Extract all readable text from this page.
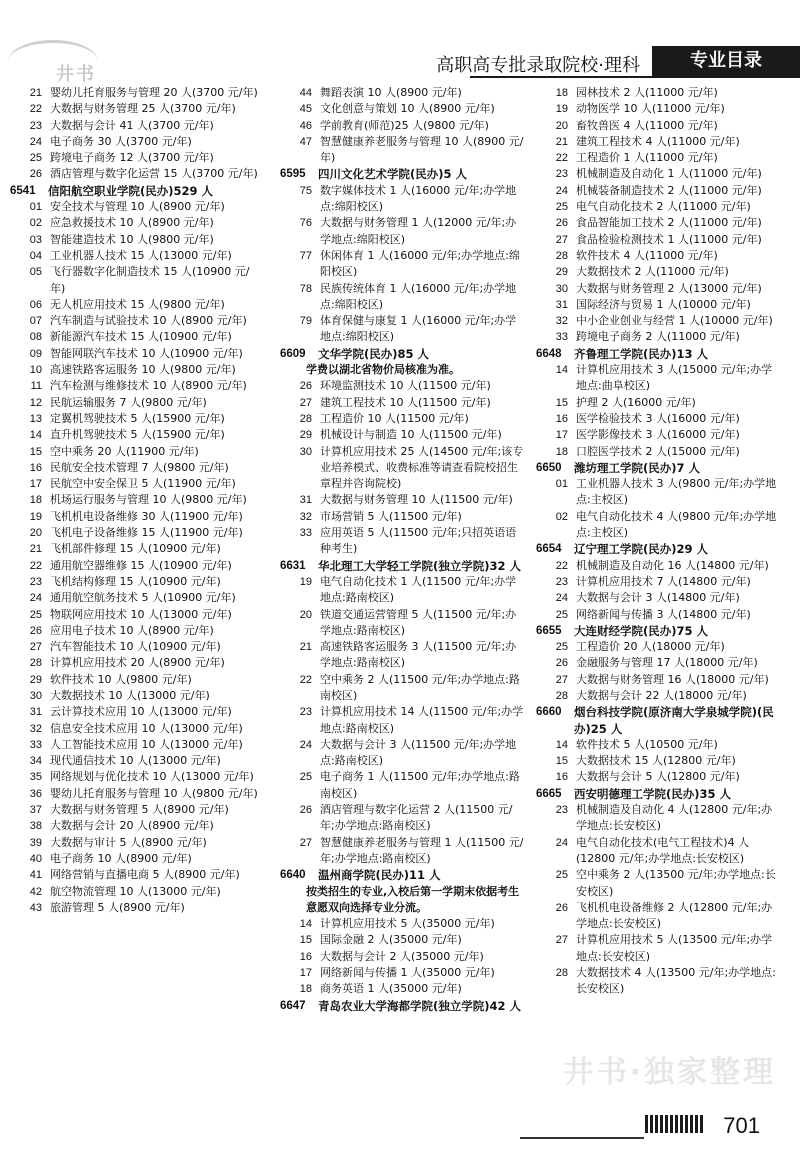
井书	高职高专批录取院校·理科	专业目录
21 婴幼儿托育服务与管理 20 人(3700 元/年)
22 大数据与财务管理 25 人(3700 元/年)
23 大数据与会计 41 人(3700 元/年)
24 电子商务 30 人(3700 元/年)
25 跨境电子商务 12 人(3700 元/年)
26 酒店管理与数字化运营 15 人(3700 元/年)
6541	信阳航空职业学院(民办)529 人
01 安全技术与管理 10 人(8900 元/年)
02 应急救援技术 10 人(8900 元/年)
03 智能建造技术 10 人(9800 元/年)
04 工业机器人技术 15 人(13000 元/年)
05 飞行器数字化制造技术 15 人(10900 元/年)
06 无人机应用技术 15 人(9800 元/年)
07 汽车制造与试验技术 10 人(8900 元/年)
08 新能源汽车技术 15 人(10900 元/年)
09 智能网联汽车技术 10 人(10900 元/年)
10 高速铁路客运服务 10 人(9800 元/年)
11 汽车检测与维修技术 10 人(8900 元/年)
12 民航运输服务 7 人(9800 元/年)
13 定翼机驾驶技术 5 人(15900 元/年)
14 直升机驾驶技术 5 人(15900 元/年)
15 空中乘务 20 人(11900 元/年)
16 民航安全技术管理 7 人(9800 元/年)
17 民航空中安全保卫 5 人(11900 元/年)
18 机场运行服务与管理 10 人(9800 元/年)
19 飞机机电设备维修 30 人(11900 元/年)
20 飞机电子设备维修 15 人(11900 元/年)
21 飞机部件修理 15 人(10900 元/年)
22 通用航空器维修 15 人(10900 元/年)
23 飞机结构修理 15 人(10900 元/年)
24 通用航空航务技术 5 人(10900 元/年)
25 物联网应用技术 10 人(13000 元/年)
26 应用电子技术 10 人(8900 元/年)
27 汽车智能技术 10 人(10900 元/年)
28 计算机应用技术 20 人(8900 元/年)
29 软件技术 10 人(9800 元/年)
30 大数据技术 10 人(13000 元/年)
31 云计算技术应用 10 人(13000 元/年)
32 信息安全技术应用 10 人(13000 元/年)
33 人工智能技术应用 10 人(13000 元/年)
34 现代通信技术 10 人(13000 元/年)
35 网络规划与优化技术 10 人(13000 元/年)
36 婴幼儿托育服务与管理 10 人(9800 元/年)
37 大数据与财务管理 5 人(8900 元/年)
38 大数据与会计 20 人(8900 元/年)
39 大数据与审计 5 人(8900 元/年)
40 电子商务 10 人(8900 元/年)
41 网络营销与直播电商 5 人(8900 元/年)
42 航空物流管理 10 人(13000 元/年)
43 旅游管理 5 人(8900 元/年)
44 舞蹈表演 10 人(8900 元/年)
45 文化创意与策划 10 人(8900 元/年)
46 学前教育(师范)25 人(9800 元/年)
47 智慧健康养老服务与管理 10 人(8900 元/年)
6595	四川文化艺术学院(民办)5 人
75 数字媒体技术 1 人(16000 元/年;办学地点:绵阳校区)
76 大数据与财务管理 1 人(12000 元/年;办学地点:绵阳校区)
77 休闲体育 1 人(16000 元/年;办学地点:绵阳校区)
78 民族传统体育 1 人(16000 元/年;办学地点:绵阳校区)
79 体育保健与康复 1 人(16000 元/年;办学地点:绵阳校区)
6609	文华学院(民办)85 人
学费以湖北省物价局核准为准。
26 环境监测技术 10 人(11500 元/年)
27 建筑工程技术 10 人(11500 元/年)
28 工程造价 10 人(11500 元/年)
29 机械设计与制造 10 人(11500 元/年)
30 计算机应用技术 25 人(14500 元/年;该专业培养模式、收费标准等请查看院校招生章程并咨询院校)
31 大数据与财务管理 10 人(11500 元/年)
32 市场营销 5 人(11500 元/年)
33 应用英语 5 人(11500 元/年;只招英语语种考生)
6631	华北理工大学轻工学院(独立学院)32 人
19 电气自动化技术 1 人(11500 元/年;办学地点:路南校区)
20 铁道交通运营管理 5 人(11500 元/年;办学地点:路南校区)
21 高速铁路客运服务 3 人(11500 元/年;办学地点:路南校区)
22 空中乘务 2 人(11500 元/年;办学地点:路南校区)
23 计算机应用技术 14 人(11500 元/年;办学地点:路南校区)
24 大数据与会计 3 人(11500 元/年;办学地点:路南校区)
25 电子商务 1 人(11500 元/年;办学地点:路南校区)
26 酒店管理与数字化运营 2 人(11500 元/年;办学地点:路南校区)
27 智慧健康养老服务与管理 1 人(11500 元/年;办学地点:路南校区)
6640	温州商学院(民办)11 人
按类招生的专业,入校后第一学期末依据考生意愿双向选择专业分流。
14 计算机应用技术 5 人(35000 元/年)
15 国际金融 2 人(35000 元/年)
16 大数据与会计 2 人(35000 元/年)
17 网络新闻与传播 1 人(35000 元/年)
18 商务英语 1 人(35000 元/年)
6647	青岛农业大学海都学院(独立学院)42 人
18 园林技术 2 人(11000 元/年)
19 动物医学 10 人(11000 元/年)
20 畜牧兽医 4 人(11000 元/年)
21 建筑工程技术 4 人(11000 元/年)
22 工程造价 1 人(11000 元/年)
23 机械制造及自动化 1 人(11000 元/年)
24 机械装备制造技术 2 人(11000 元/年)
25 电气自动化技术 2 人(11000 元/年)
26 食品智能加工技术 2 人(11000 元/年)
27 食品检验检测技术 1 人(11000 元/年)
28 软件技术 4 人(11000 元/年)
29 大数据技术 2 人(11000 元/年)
30 大数据与财务管理 2 人(13000 元/年)
31 国际经济与贸易 1 人(10000 元/年)
32 中小企业创业与经营 1 人(10000 元/年)
33 跨境电子商务 2 人(11000 元/年)
6648	齐鲁理工学院(民办)13 人
14 计算机应用技术 3 人(15000 元/年;办学地点:曲阜校区)
15 护理 2 人(16000 元/年)
16 医学检验技术 3 人(16000 元/年)
17 医学影像技术 3 人(16000 元/年)
18 口腔医学技术 2 人(15000 元/年)
6650	潍坊理工学院(民办)7 人
01 工业机器人技术 3 人(9800 元/年;办学地点:主校区)
02 电气自动化技术 4 人(9800 元/年;办学地点:主校区)
6654	辽宁理工学院(民办)29 人
22 机械制造及自动化 16 人(14800 元/年)
23 计算机应用技术 7 人(14800 元/年)
24 大数据与会计 3 人(14800 元/年)
25 网络新闻与传播 3 人(14800 元/年)
6655	大连财经学院(民办)75 人
25 工程造价 20 人(18000 元/年)
26 金融服务与管理 17 人(18000 元/年)
27 大数据与财务管理 16 人(18000 元/年)
28 大数据与会计 22 人(18000 元/年)
6660	烟台科技学院(原济南大学泉城学院)(民办)25 人
14 软件技术 5 人(10500 元/年)
15 大数据技术 15 人(12800 元/年)
16 大数据与会计 5 人(12800 元/年)
6665	西安明德理工学院(民办)35 人
23 机械制造及自动化 4 人(12800 元/年;办学地点:长安校区)
24 电气自动化技术(电气工程技术)4 人(12800 元/年;办学地点:长安校区)
25 空中乘务 2 人(13500 元/年;办学地点:长安校区)
26 飞机机电设备维修 2 人(12800 元/年;办学地点:长安校区)
27 计算机应用技术 5 人(13500 元/年;办学地点:长安校区)
28 大数据技术 4 人(13500 元/年;办学地点:长安校区)
井书·独家整理
701
